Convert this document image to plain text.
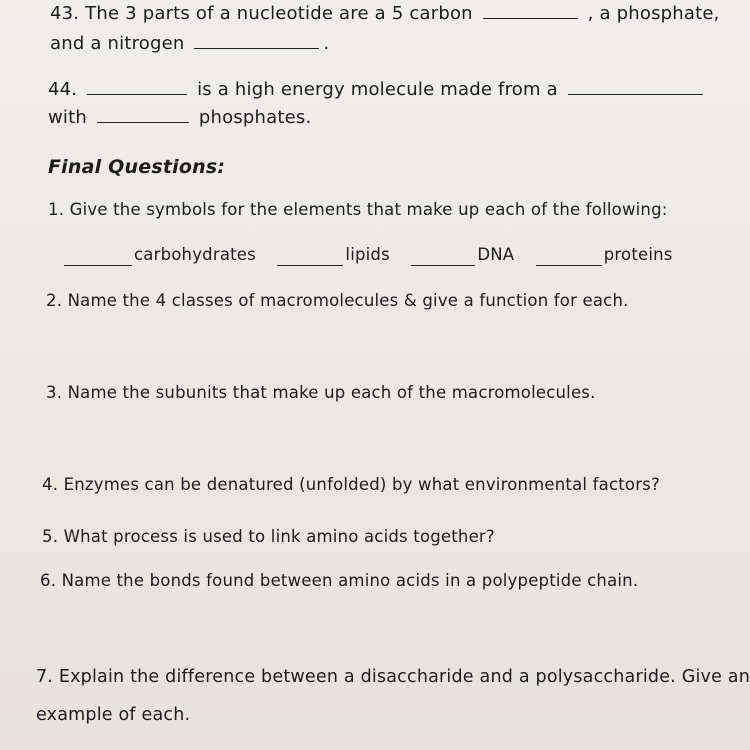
43. The 3 parts of a nucleotide are a 5 carbon	, a phosphate,
and a nitrogen	.
44.	is a high energy molecule made from a
with	phosphates.
Final Questions:
1. Give the symbols for the elements that make up each of the following:
carbohydrates
	lipids
	DNA
	proteins
2. Name the 4 classes of macromolecules & give a function for each.
3. Name the subunits that make up each of the macromolecules.
4. Enzymes can be denatured (unfolded) by what environmental factors?
5. What process is used to link amino acids together?
6. Name the bonds found between amino acids in a polypeptide chain.
7. Explain the difference between a disaccharide and a polysaccharide. Give an
example of each.
